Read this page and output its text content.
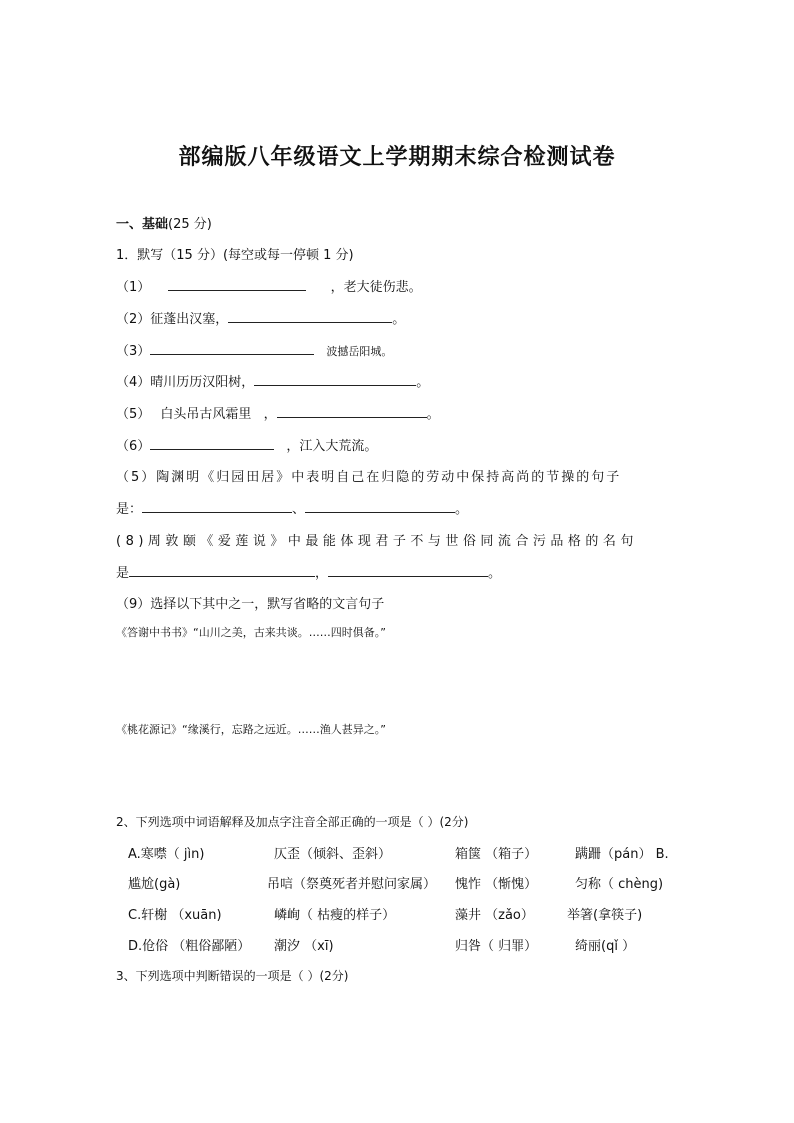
部编版八年级语文上学期期末综合检测试卷
一、基础(25 分)
1．默写（15 分）(每空或每一停顿 1 分)
（1）	，老大徒伤悲。
（2）征蓬出汉塞，	。
（3）	波撼岳阳城。
（4）晴川历历汉阳树，	。
（5） 白头吊古风霜里 ，	。
（6）	，江入大荒流。
（5）陶渊明《归园田居》中表明自己在归隐的劳动中保持高尚的节操的句子
是：	、	。
(8)周敦颐《爱莲说》中最能体现君子不与世俗同流合污品格的名句
是	，	。
（9）选择以下其中之一，默写省略的文言句子
《答谢中书书》“山川之美，古来共谈。……四时俱备。”
《桃花源记》“缘溪行，忘路之远近。……渔人甚异之。”
2、下列选项中词语解释及加点字注音全部正确的一项是（ ）(2分)
A.寒噤（ jìn)	仄歪（倾斜、歪斜）	箱箧 （箱子）	蹒跚（pán） B.
尴尬(gà)	吊唁（祭奠死者并慰问家属） 愧怍 （惭愧）	匀称（ chèng)
C.轩榭 （xuān)	嶙峋（ 枯瘦的样子）	藻井 （zǎo）	举箸(拿筷子)
D.伧俗 （粗俗鄙陋） 潮汐 （xī)	归咎（ 归罪）	绮丽(qǐ ）
3、下列选项中判断错误的一项是（ ）(2分)
